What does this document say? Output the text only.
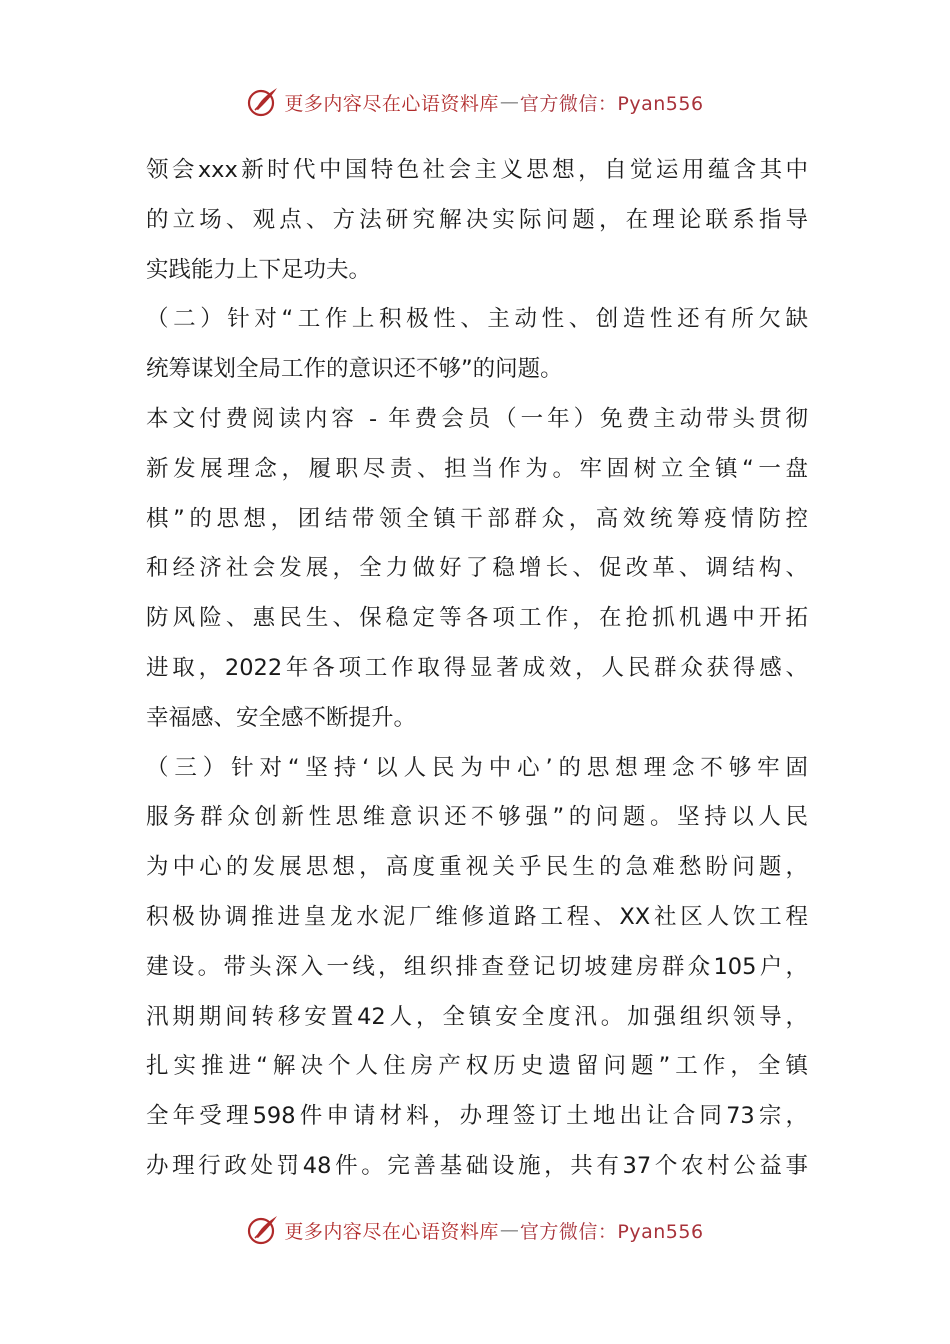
更多内容尽在心语资料库 — 官方微信：Pyan556
领会xxx新时代中国特色社会主义思想，自觉运用蕴含其中
的立场、观点、方法研究解决实际问题，在理论联系指导
实践能力上下足功夫。
（二）针对“工作上积极性、主动性、创造性还有所欠缺
统筹谋划全局工作的意识还不够”的问题。
本文付费阅读内容 - 年费会员（一年）免费主动带头贯彻
新发展理念，履职尽责、担当作为。牢固树立全镇“一盘
棋”的思想，团结带领全镇干部群众，高效统筹疫情防控
和经济社会发展，全力做好了稳增长、促改革、调结构、
防风险、惠民生、保稳定等各项工作，在抢抓机遇中开拓
进取，2022年各项工作取得显著成效，人民群众获得感、
幸福感、安全感不断提升。
（三）针对“坚持‘以人民为中心’的思想理念不够牢固
服务群众创新性思维意识还不够强”的问题。坚持以人民
为中心的发展思想，高度重视关乎民生的急难愁盼问题，
积极协调推进皇龙水泥厂维修道路工程、XX社区人饮工程
建设。带头深入一线，组织排查登记切坡建房群众105户，
汛期期间转移安置42人，全镇安全度汛。加强组织领导，
扎实推进“解决个人住房产权历史遗留问题”工作，全镇
全年受理598件申请材料，办理签订土地出让合同73宗，
办理行政处罚48件。完善基础设施，共有37个农村公益事
更多内容尽在心语资料库 — 官方微信：Pyan556
